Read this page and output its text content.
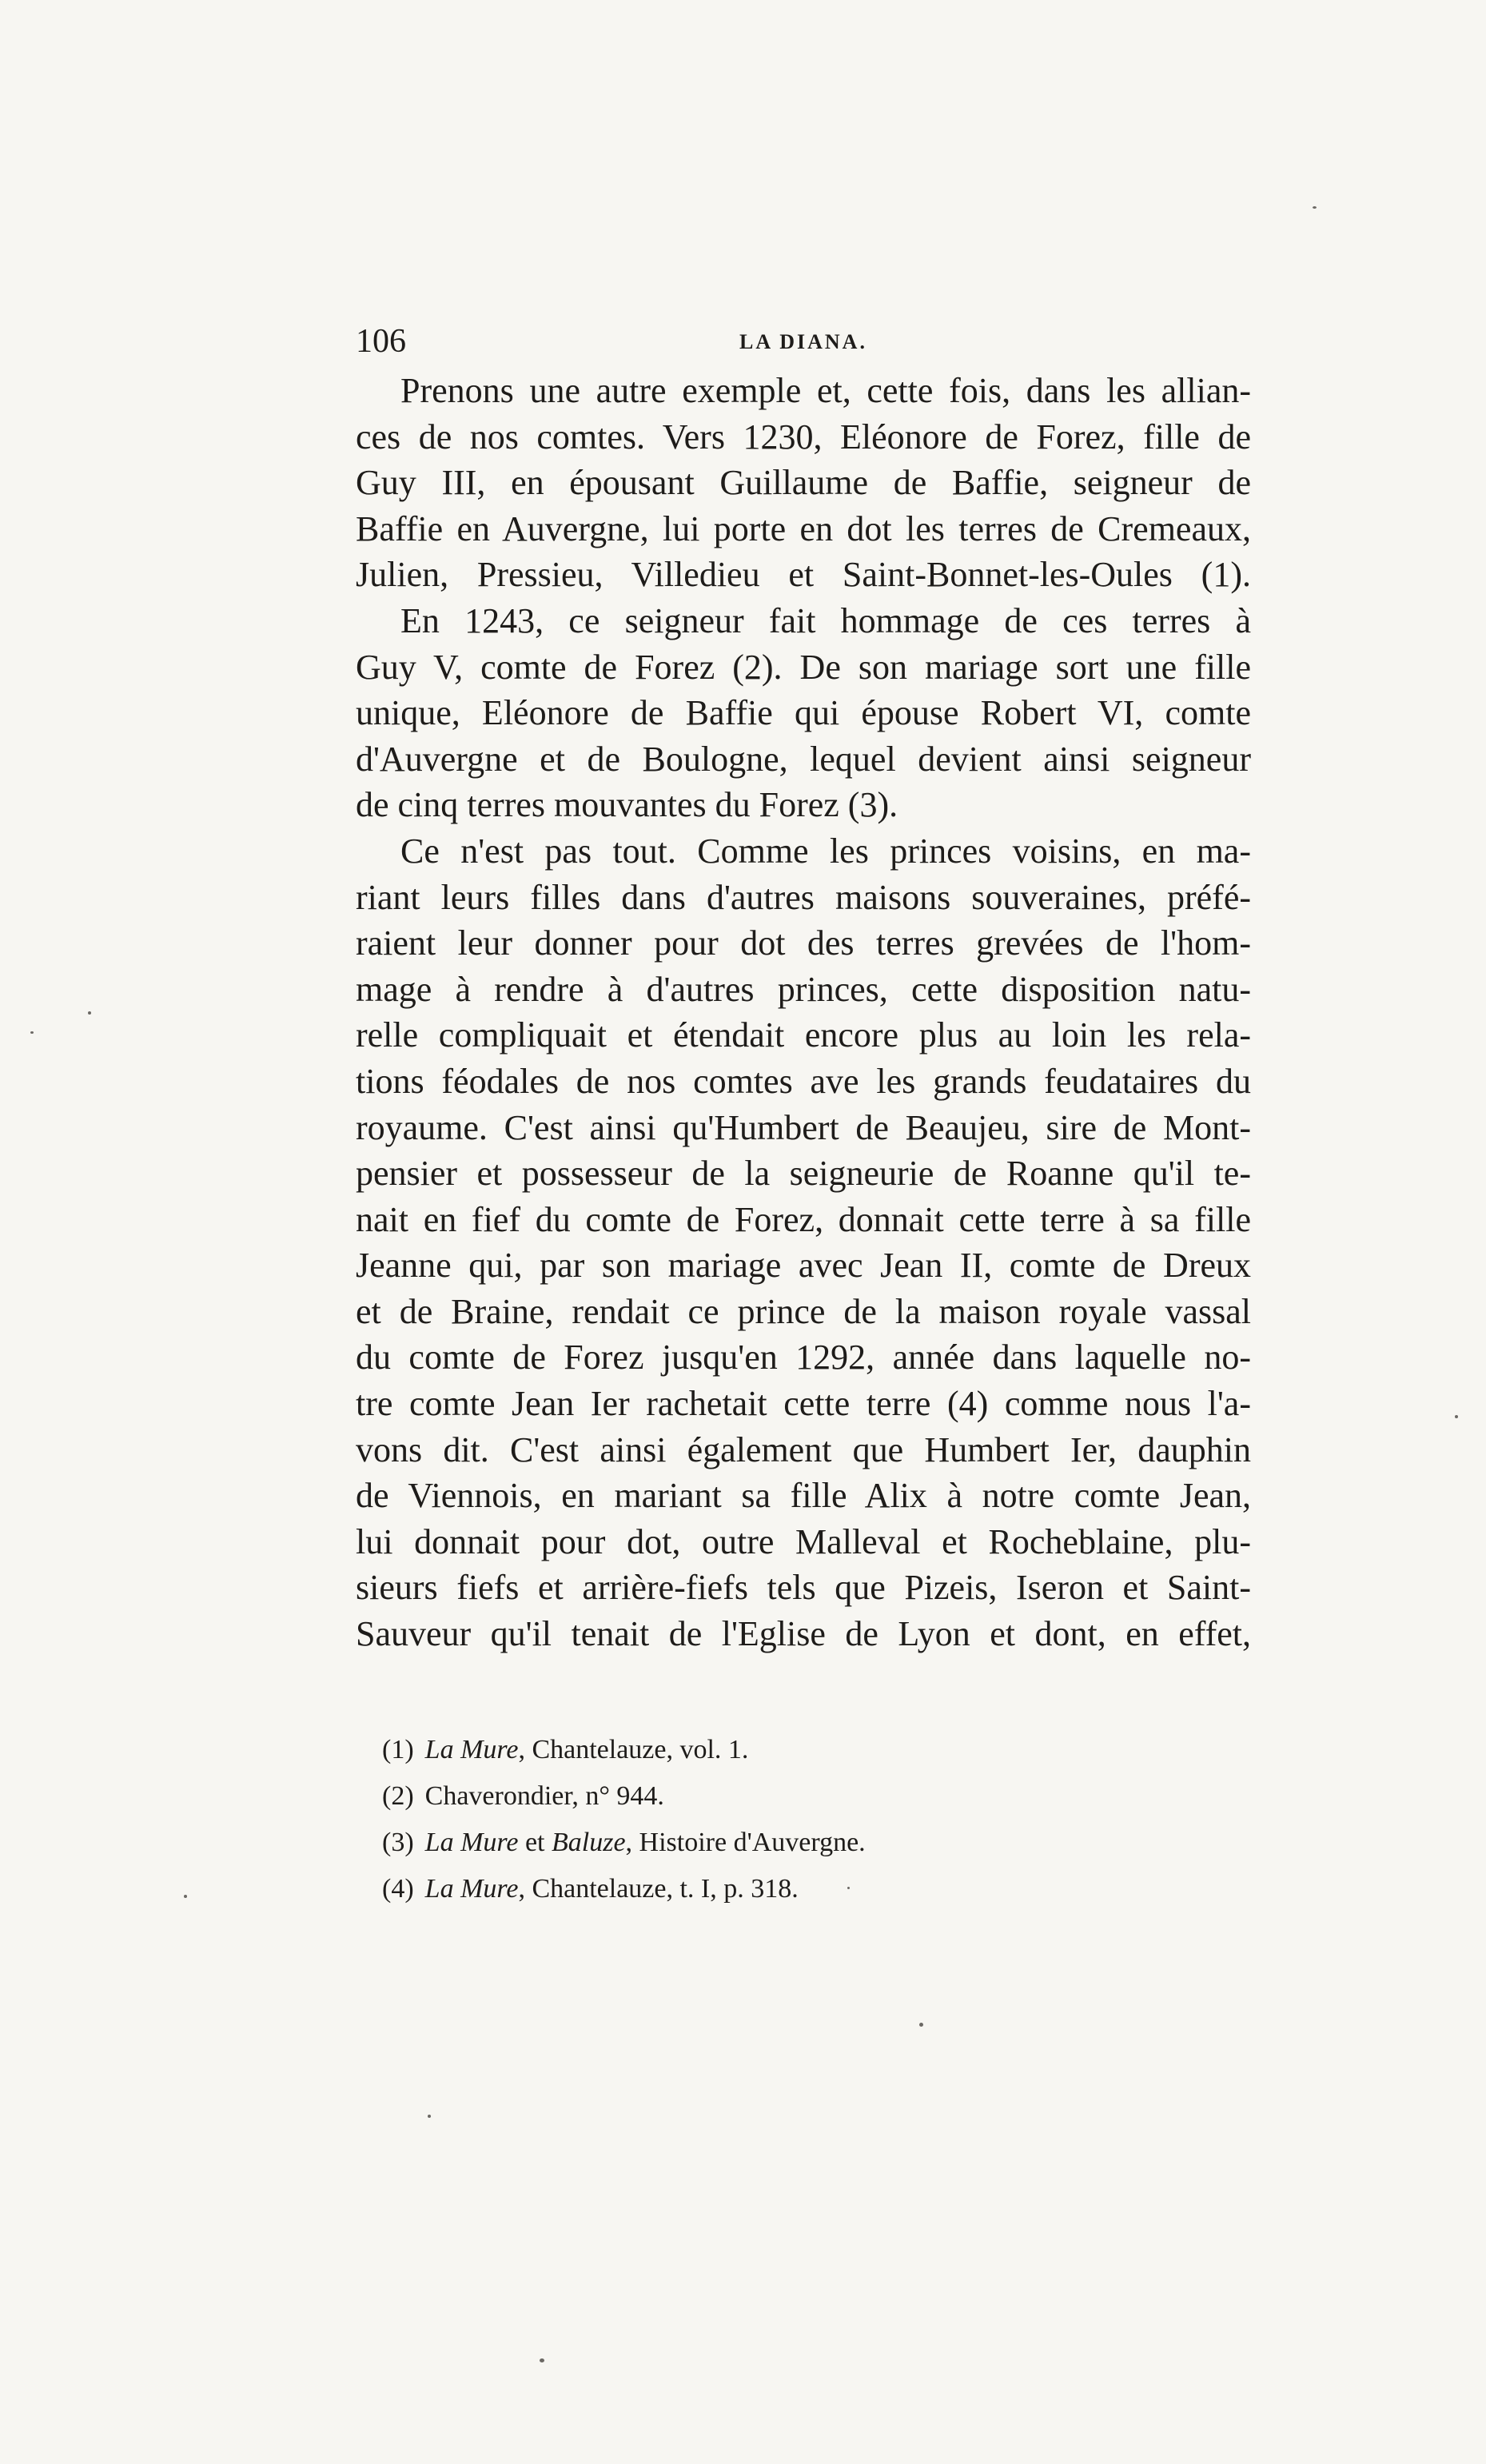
106	LA DIANA.
Prenons une autre exemple et, cette fois, dans les allian-
ces de nos comtes. Vers 1230, Eléonore de Forez, fille de
Guy III, en épousant Guillaume de Baffie, seigneur de
Baffie en Auvergne, lui porte en dot les terres de Cremeaux,
Julien, Pressieu, Villedieu et Saint-Bonnet-les-Oules (1).
En 1243, ce seigneur fait hommage de ces terres à
Guy V, comte de Forez (2). De son mariage sort une fille
unique, Eléonore de Baffie qui épouse Robert VI, comte
d'Auvergne et de Boulogne, lequel devient ainsi seigneur
de cinq terres mouvantes du Forez (3).
Ce n'est pas tout. Comme les princes voisins, en ma-
riant leurs filles dans d'autres maisons souveraines, préfé-
raient leur donner pour dot des terres grevées de l'hom-
mage à rendre à d'autres princes, cette disposition natu-
relle compliquait et étendait encore plus au loin les rela-
tions féodales de nos comtes ave les grands feudataires du
royaume. C'est ainsi qu'Humbert de Beaujeu, sire de Mont-
pensier et possesseur de la seigneurie de Roanne qu'il te-
nait en fief du comte de Forez, donnait cette terre à sa fille
Jeanne qui, par son mariage avec Jean II, comte de Dreux
et de Braine, rendait ce prince de la maison royale vassal
du comte de Forez jusqu'en 1292, année dans laquelle no-
tre comte Jean Ier rachetait cette terre (4) comme nous l'a-
vons dit. C'est ainsi également que Humbert Ier, dauphin
de Viennois, en mariant sa fille Alix à notre comte Jean,
lui donnait pour dot, outre Malleval et Rocheblaine, plu-
sieurs fiefs et arrière-fiefs tels que Pizeis, Iseron et Saint-
Sauveur qu'il tenait de l'Eglise de Lyon et dont, en effet,
(1) La Mure, Chantelauze, vol. 1.
(2) Chaverondier, n° 944.
(3) La Mure et Baluze, Histoire d'Auvergne.
(4) La Mure, Chantelauze, t. I, p. 318.
